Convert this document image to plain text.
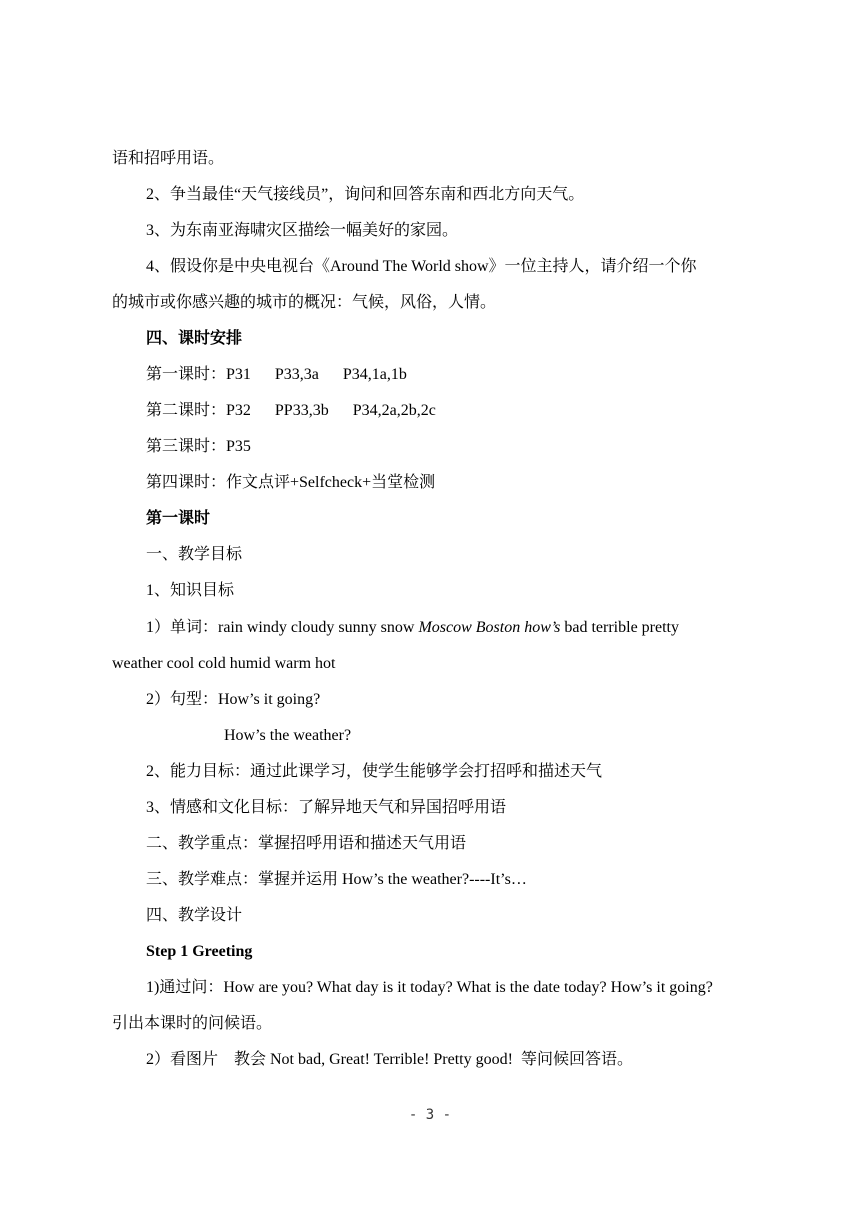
语和招呼用语。
2、争当最佳“天气接线员”，询问和回答东南和西北方向天气。
3、为东南亚海啸灾区描绘一幅美好的家园。
4、假设你是中央电视台《Around The World show》一位主持人，请介绍一个你
的城市或你感兴趣的城市的概况：气候，风俗，人情。
四、课时安排
第一课时：P31      P33,3a      P34,1a,1b
第二课时：P32      PP33,3b      P34,2a,2b,2c
第三课时：P35
第四课时：作文点评+Selfcheck+当堂检测
第一课时
一、教学目标
1、知识目标
1）单词：rain windy cloudy sunny snow Moscow Boston how’s bad terrible pretty
weather cool cold humid warm hot
2）句型：How’s it going?
How’s the weather?
2、能力目标：通过此课学习，使学生能够学会打招呼和描述天气
3、情感和文化目标：了解异地天气和异国招呼用语
二、教学重点：掌握招呼用语和描述天气用语
三、教学难点：掌握并运用 How’s the weather?----It’s…
四、教学设计
Step 1 Greeting
1)通过问：How are you? What day is it today? What is the date today? How’s it going?
引出本课时的问候语。
2）看图片    教会 Not bad, Great! Terrible! Pretty good!  等问候回答语。
- 3 -
